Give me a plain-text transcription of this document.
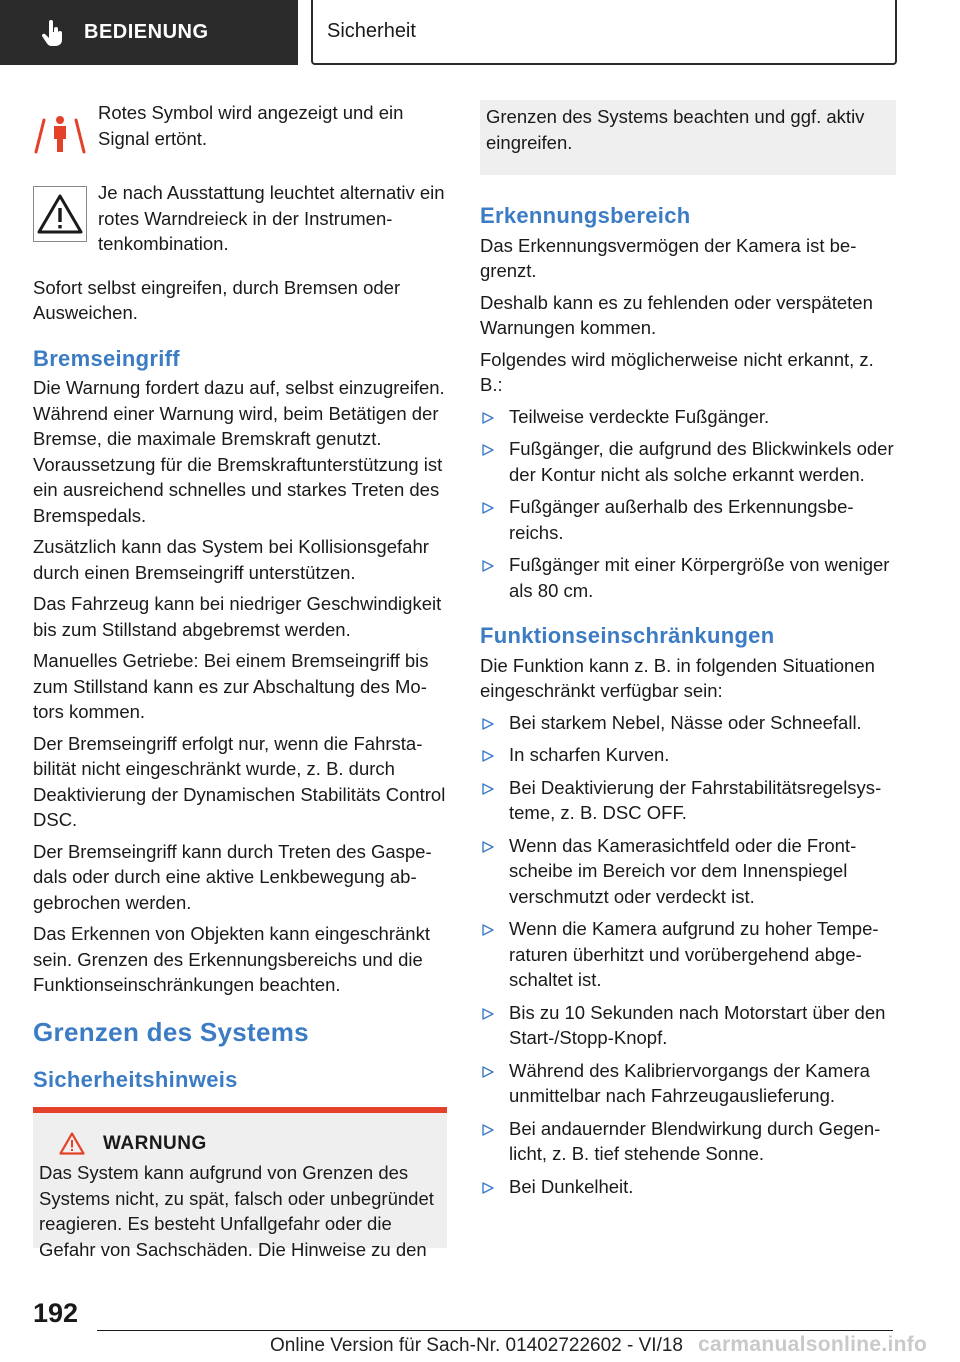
BEDIENUNG	Sicherheit
Rotes Symbol wird angezeigt und ein Signal ertönt.
Je nach Ausstattung leuchtet alternativ ein rotes Warndreieck in der Instrumentenkombination.

Sofort selbst eingreifen, durch Bremsen oder Ausweichen.

Bremseingriff

Die Warnung fordert dazu auf, selbst einzugreifen. Während einer Warnung wird, beim Betätigen der Bremse, die maximale Bremskraft genutzt. Voraussetzung für die Bremskraftunterstützung ist ein ausreichend schnelles und starkes Treten des Bremspedals.

Zusätzlich kann das System bei Kollisionsgefahr durch einen Bremseingriff unterstützen.

Das Fahrzeug kann bei niedriger Geschwindigkeit bis zum Stillstand abgebremst werden.

Manuelles Getriebe: Bei einem Bremseingriff bis zum Stillstand kann es zur Abschaltung des Motors kommen.

Der Bremseingriff erfolgt nur, wenn die Fahrstabilität nicht eingeschränkt wurde, z. B. durch Deaktivierung der Dynamischen Stabilitäts Control DSC.

Der Bremseingriff kann durch Treten des Gaspedals oder durch eine aktive Lenkbewegung abgebrochen werden.

Das Erkennen von Objekten kann eingeschränkt sein. Grenzen des Erkennungsbereichs und die Funktionseinschränkungen beachten.

Grenzen des Systems
Sicherheitshinweis
WARNUNG
Das System kann aufgrund von Grenzen des Systems nicht, zu spät, falsch oder unbegründet reagieren. Es besteht Unfallgefahr oder die Gefahr von Sachschäden. Die Hinweise zu den
Grenzen des Systems beachten und ggf. aktiv eingreifen.
Erkennungsbereich

Das Erkennungsvermögen der Kamera ist begrenzt.

Deshalb kann es zu fehlenden oder verspäteten Warnungen kommen.

Folgendes wird möglicherweise nicht erkannt, z. B.:

Teilweise verdeckte Fußgänger.
Fußgänger, die aufgrund des Blickwinkels oder der Kontur nicht als solche erkannt werden.
Fußgänger außerhalb des Erkennungsbereichs.
Fußgänger mit einer Körpergröße von weniger als 80 cm.
Funktionseinschränkungen

Die Funktion kann z. B. in folgenden Situationen eingeschränkt verfügbar sein:

Bei starkem Nebel, Nässe oder Schneefall.
In scharfen Kurven.
Bei Deaktivierung der Fahrstabilitätsregelsysteme, z. B. DSC OFF.
Wenn das Kamerasichtfeld oder die Frontscheibe im Bereich vor dem Innenspiegel verschmutzt oder verdeckt ist.
Wenn die Kamera aufgrund zu hoher Temperaturen überhitzt und vorübergehend abgeschaltet ist.
Bis zu 10 Sekunden nach Motorstart über den Start-/Stopp-Knopf.
Während des Kalibriervorgangs der Kamera unmittelbar nach Fahrzeugauslieferung.
Bei andauernder Blendwirkung durch Gegenlicht, z. B. tief stehende Sonne.
Bei Dunkelheit.
192
Online Version für Sach-Nr. 01402722602 - VI/18 carmanualsonline.info
